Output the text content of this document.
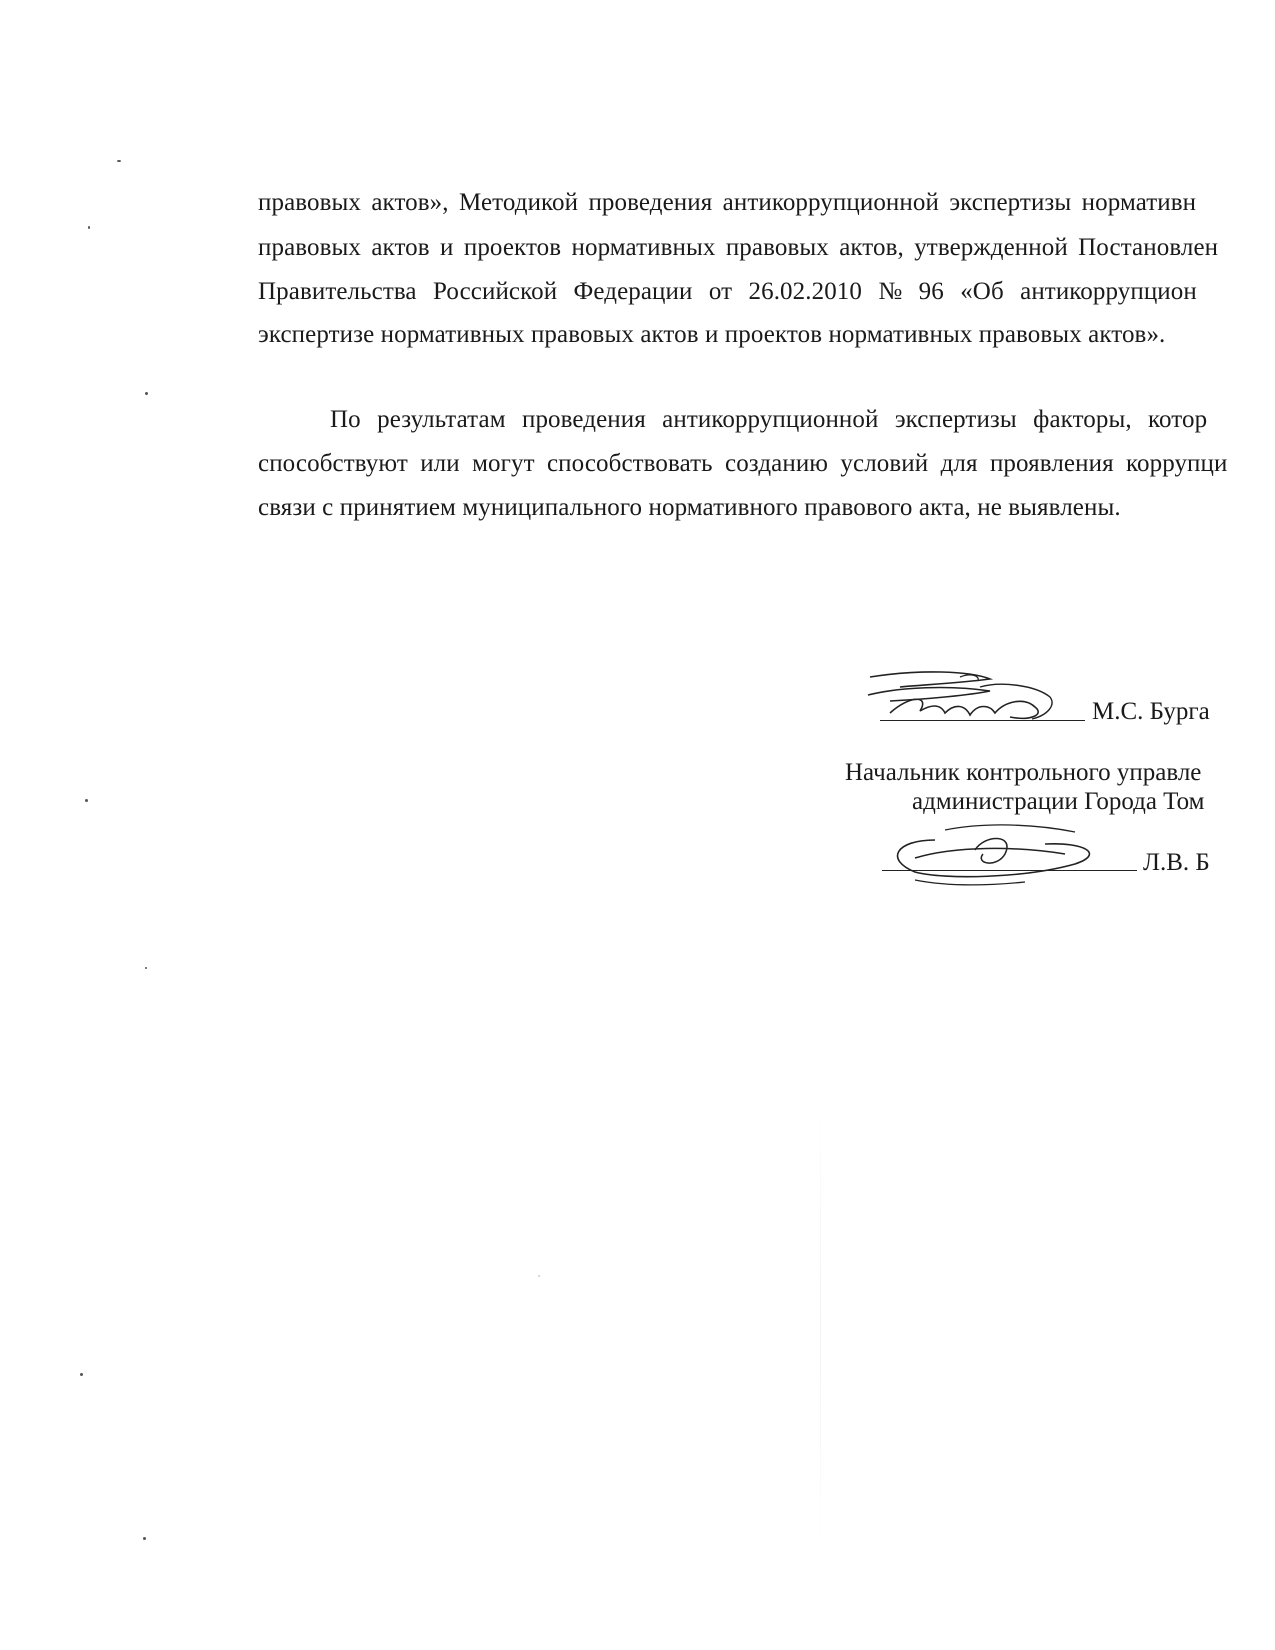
правовых актов», Методикой проведения антикоррупционной экспертизы нормативн
правовых актов и проектов нормативных правовых актов, утвержденной Постановлен
Правительства Российской Федерации от 26.02.2010 № 96 «Об антикоррупцион
экспертизе нормативных правовых актов и проектов нормативных правовых актов».
По результатам проведения антикоррупционной экспертизы факторы, котор
способствуют или могут способствовать созданию условий для проявления коррупци
связи с принятием муниципального нормативного правового акта, не выявлены.
М.С. Бурга
Начальник контрольного управле
администрации Города Том
Л.В. Б
